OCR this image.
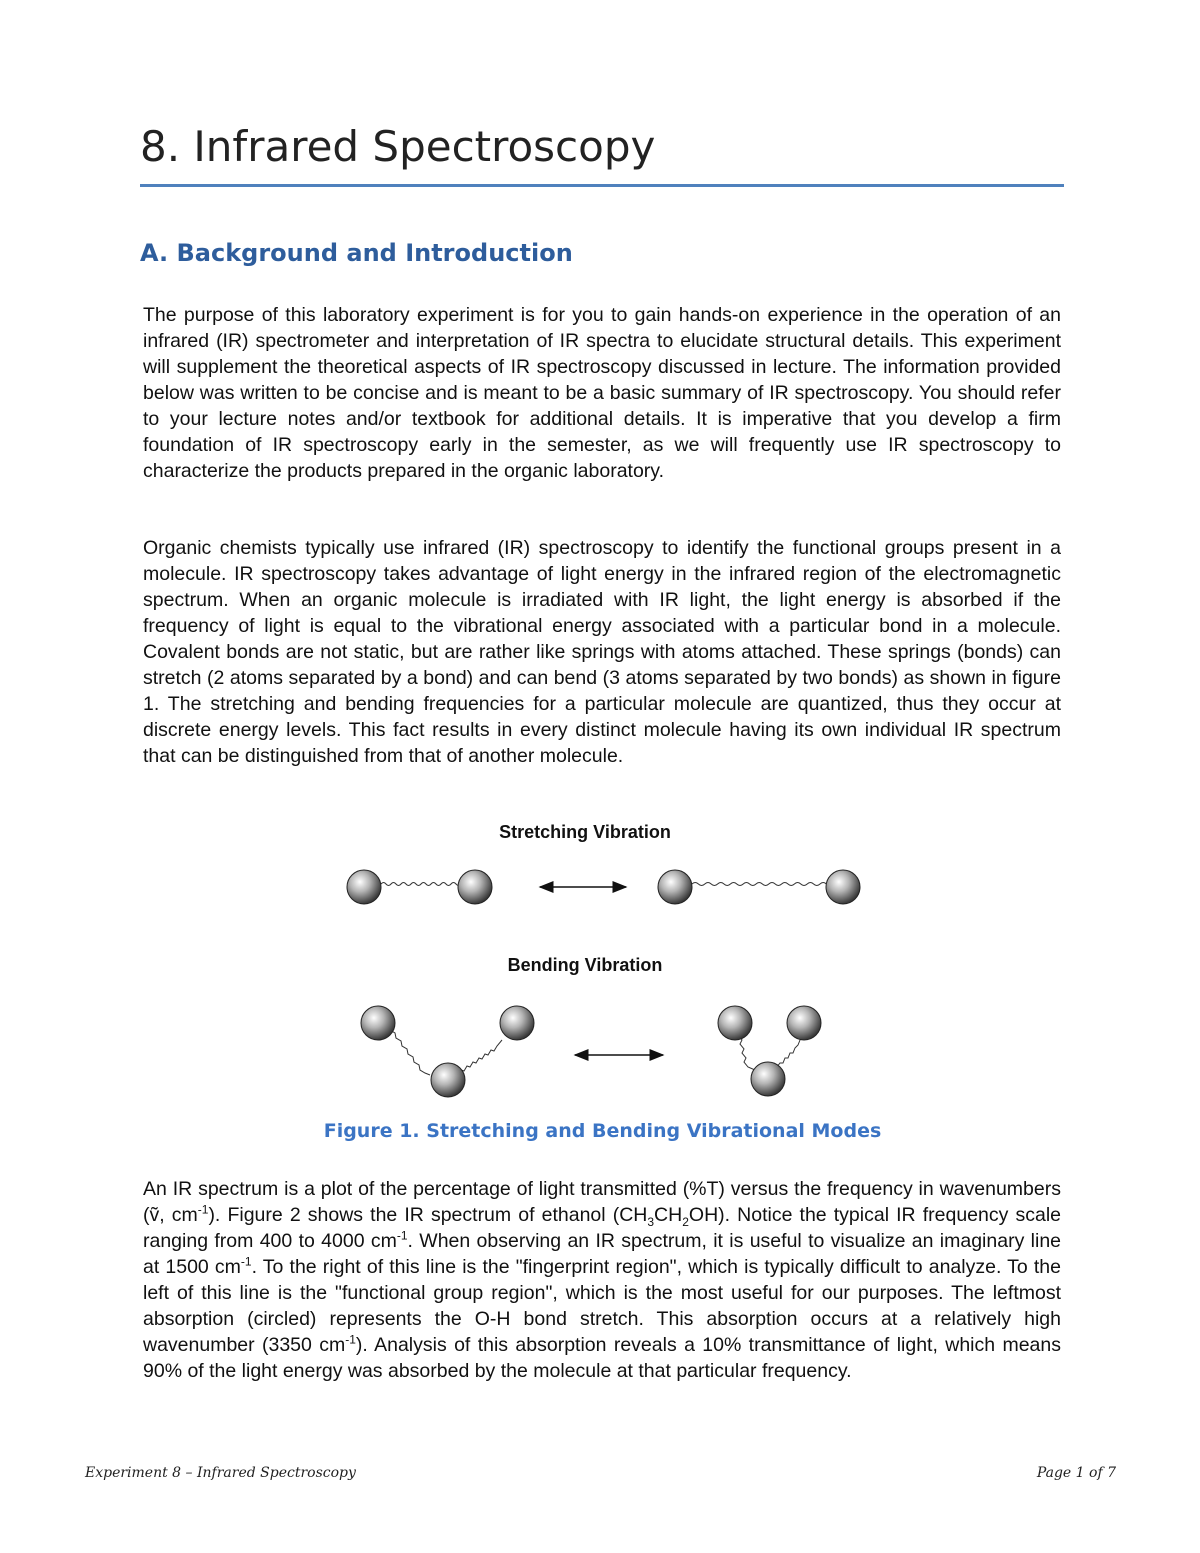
8. Infrared Spectroscopy
A. Background and Introduction

The purpose of this laboratory experiment is for you to gain hands-on experience in the operation of an infrared (IR) spectrometer and interpretation of IR spectra to elucidate structural details. This experiment will supplement the theoretical aspects of IR spectroscopy discussed in lecture. The information provided below was written to be concise and is meant to be a basic summary of IR spectroscopy. You should refer to your lecture notes and/or textbook for additional details. It is imperative that you develop a firm foundation of IR spectroscopy early in the semester, as we will frequently use IR spectroscopy to characterize the products prepared in the organic laboratory.

Organic chemists typically use infrared (IR) spectroscopy to identify the functional groups present in a molecule. IR spectroscopy takes advantage of light energy in the infrared region of the electromagnetic spectrum. When an organic molecule is irradiated with IR light, the light energy is absorbed if the frequency of light is equal to the vibrational energy associated with a particular bond in a molecule. Covalent bonds are not static, but are rather like springs with atoms attached. These springs (bonds) can stretch (2 atoms separated by a bond) and can bend (3 atoms separated by two bonds) as shown in figure 1. The stretching and bending frequencies for a particular molecule are quantized, thus they occur at discrete energy levels. This fact results in every distinct molecule having its own individual IR spectrum that can be distinguished from that of another molecule.

Stretching Vibration
Bending Vibration
Figure 1. Stretching and Bending Vibrational Modes

An IR spectrum is a plot of the percentage of light transmitted (%T) versus the frequency in wavenumbers (ṽ, $cm^{-1}$). Figure 2 shows the IR spectrum of ethanol $(CH_3CH_2OH)$. Notice the typical IR frequency scale ranging from 400 to 4000 $cm^{-1}$. When observing an IR spectrum, it is useful to visualize an imaginary line at 1500 $cm^{-1}$. To the right of this line is the "fingerprint region", which is typically difficult to analyze. To the left of this line is the "functional group region", which is the most useful for our purposes. The leftmost absorption (circled) represents the O-H bond stretch. This absorption occurs at a relatively high wavenumber (3350 $cm^{-1}$). Analysis of this absorption reveals a 10% transmittance of light, which means 90% of the light energy was absorbed by the molecule at that particular frequency.

Experiment 8 – Infrared Spectroscopy	Page 1 of 7
